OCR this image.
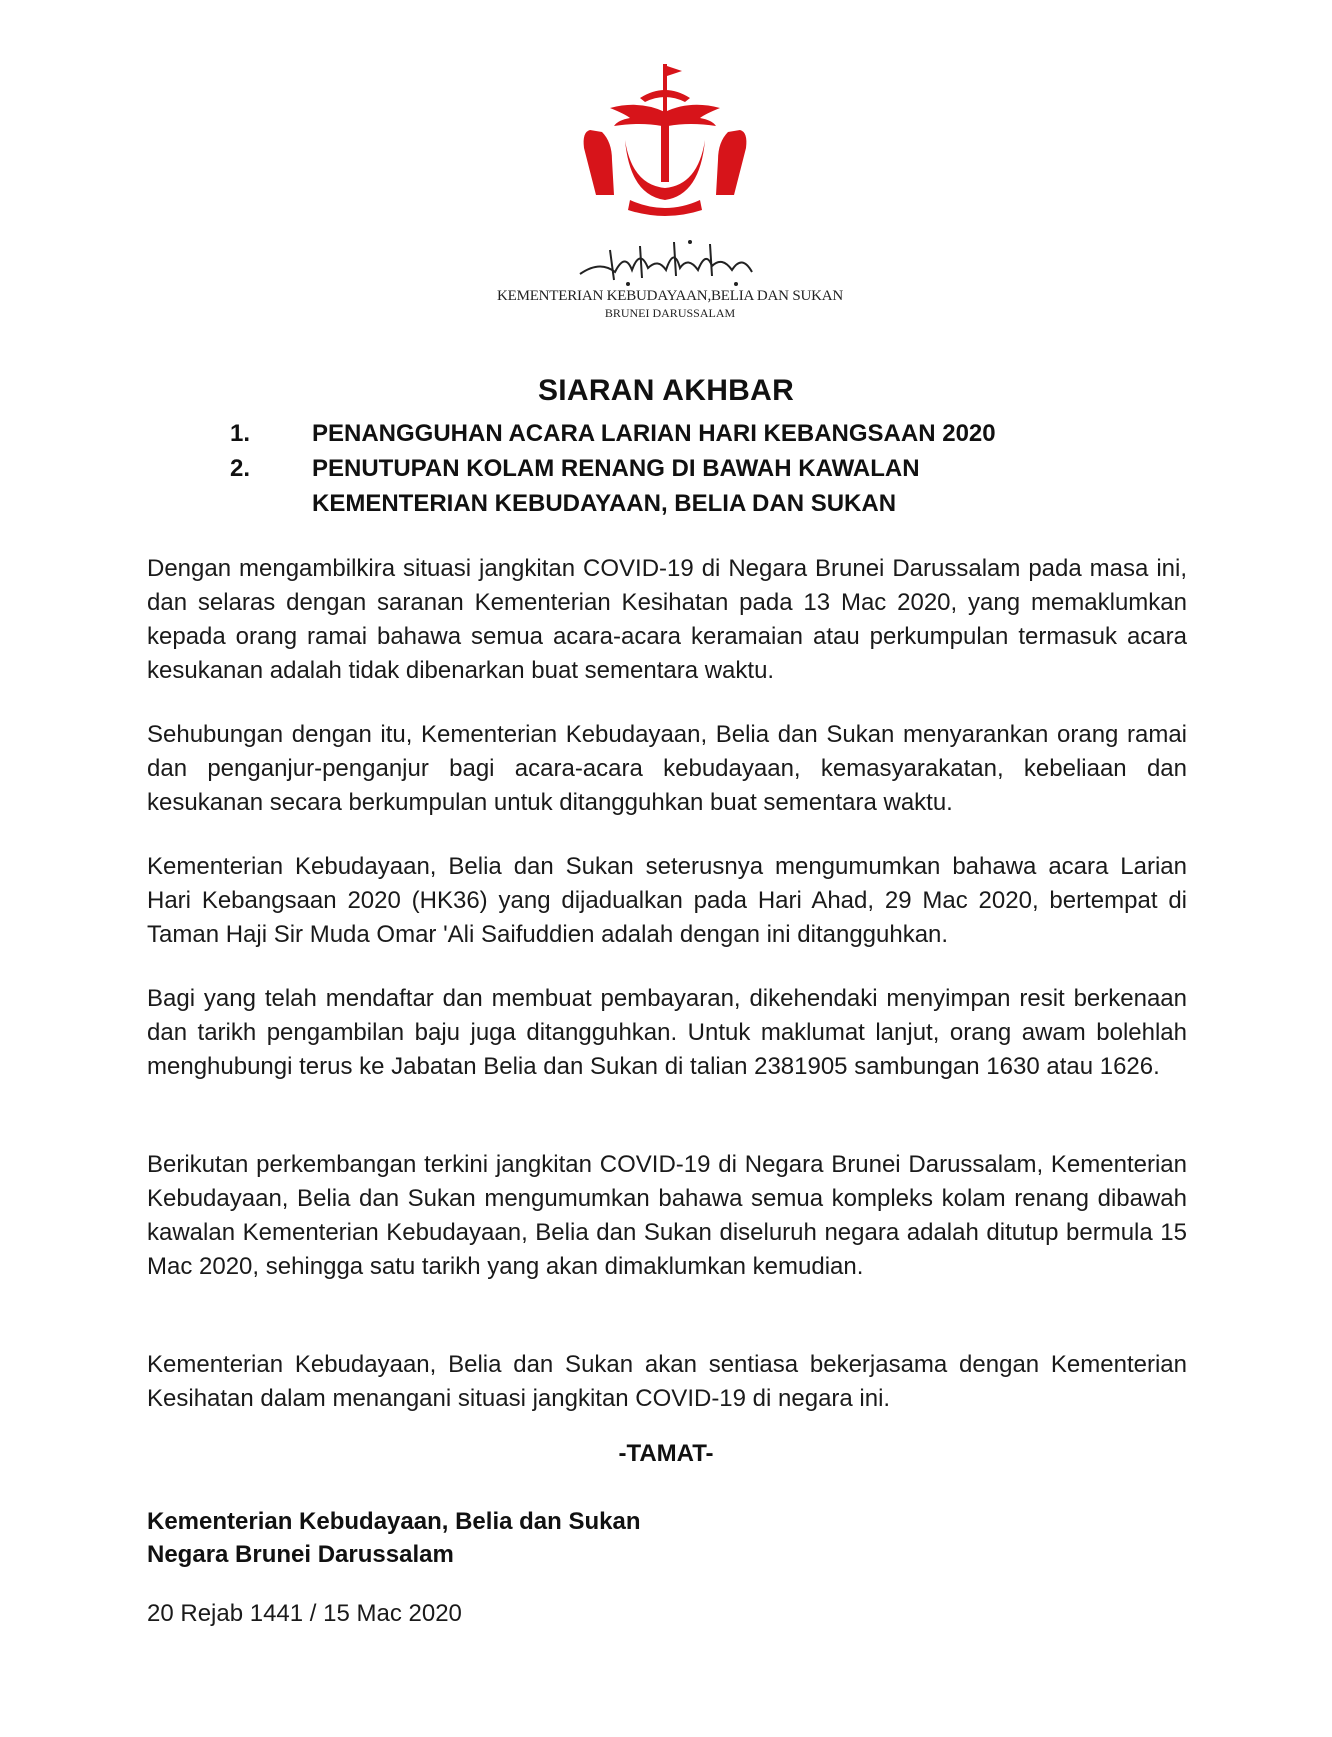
KEMENTERIAN KEBUDAYAAN,BELIA DAN SUKAN
BRUNEI DARUSSALAM
SIARAN AKHBAR
1.	PENANGGUHAN ACARA LARIAN HARI KEBANGSAAN 2020
2.	PENUTUPAN KOLAM RENANG DI BAWAH KAWALAN
KEMENTERIAN KEBUDAYAAN, BELIA DAN SUKAN
Dengan mengambilkira situasi jangkitan COVID-19 di Negara Brunei Darussalam pada masa ini, dan selaras dengan saranan Kementerian Kesihatan pada 13 Mac 2020, yang memaklumkan kepada orang ramai bahawa semua acara-acara keramaian atau perkumpulan termasuk acara kesukanan adalah tidak dibenarkan buat sementara waktu.
Sehubungan dengan itu, Kementerian Kebudayaan, Belia dan Sukan menyarankan orang ramai dan penganjur-penganjur bagi acara-acara kebudayaan, kemasyarakatan, kebeliaan dan kesukanan secara berkumpulan untuk ditangguhkan buat sementara waktu.
Kementerian Kebudayaan, Belia dan Sukan seterusnya mengumumkan bahawa acara Larian Hari Kebangsaan 2020 (HK36) yang dijadualkan pada Hari Ahad, 29 Mac 2020, bertempat di Taman Haji Sir Muda Omar 'Ali Saifuddien adalah dengan ini ditangguhkan.
Bagi yang telah mendaftar dan membuat pembayaran, dikehendaki menyimpan resit berkenaan dan tarikh pengambilan baju juga ditangguhkan. Untuk maklumat lanjut, orang awam bolehlah menghubungi terus ke Jabatan Belia dan Sukan di talian 2381905 sambungan 1630 atau 1626.
Berikutan perkembangan terkini jangkitan COVID-19 di Negara Brunei Darussalam, Kementerian Kebudayaan, Belia dan Sukan mengumumkan bahawa semua kompleks kolam renang dibawah kawalan Kementerian Kebudayaan, Belia dan Sukan diseluruh negara adalah ditutup bermula 15 Mac 2020, sehingga satu tarikh yang akan dimaklumkan kemudian.
Kementerian Kebudayaan, Belia dan Sukan akan sentiasa bekerjasama dengan Kementerian Kesihatan dalam menangani situasi jangkitan COVID-19 di negara ini.
-TAMAT-
Kementerian Kebudayaan, Belia dan Sukan
Negara Brunei Darussalam
20 Rejab 1441 / 15 Mac 2020
